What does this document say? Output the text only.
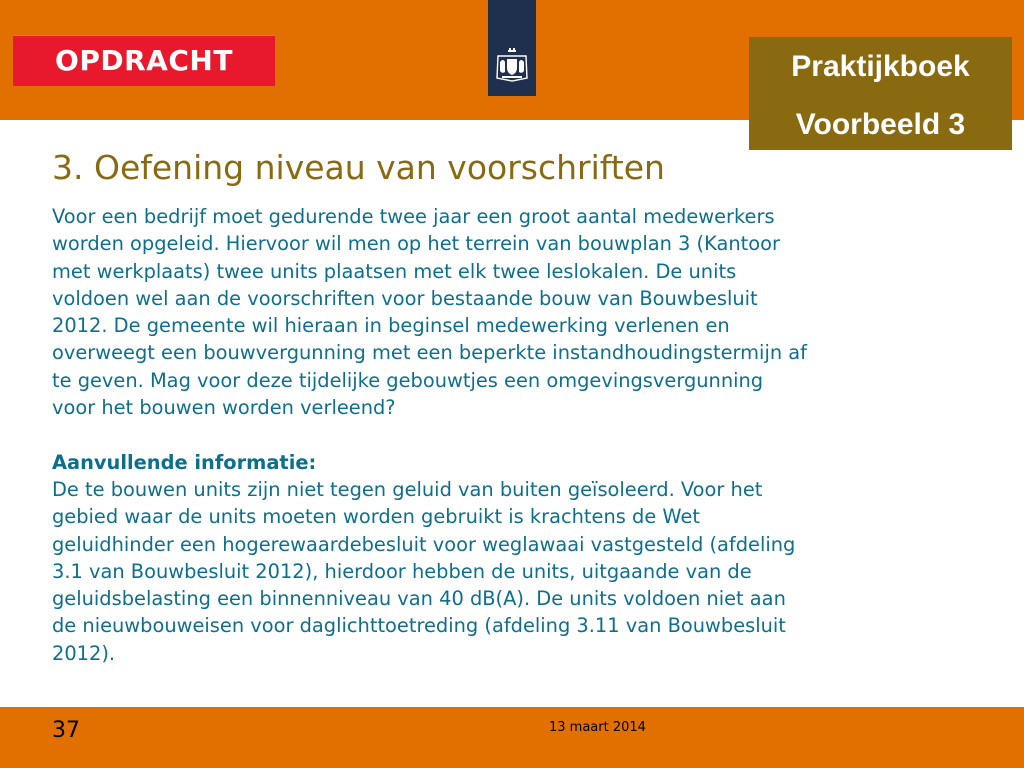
OPDRACHT	Praktijkboek
Voorbeeld 3
3. Oefening niveau van voorschriften

Voor een bedrijf moet gedurende twee jaar een groot aantal medewerkers

worden opgeleid. Hiervoor wil men op het terrein van bouwplan 3 (Kantoor

met werkplaats) twee units plaatsen met elk twee leslokalen. De units

voldoen wel aan de voorschriften voor bestaande bouw van Bouwbesluit

2012. De gemeente wil hieraan in beginsel medewerking verlenen en

overweegt een bouwvergunning met een beperkte instandhoudingstermijn af

te geven. Mag voor deze tijdelijke gebouwtjes een omgevingsvergunning

voor het bouwen worden verleend?

Aanvullende informatie:

De te bouwen units zijn niet tegen geluid van buiten geïsoleerd. Voor het

gebied waar de units moeten worden gebruikt is krachtens de Wet

geluidhinder een hogerewaardebesluit voor weglawaai vastgesteld (afdeling

3.1 van Bouwbesluit 2012), hierdoor hebben de units, uitgaande van de

geluidsbelasting een binnenniveau van 40 dB(A). De units voldoen niet aan

de nieuwbouweisen voor daglichttoetreding (afdeling 3.11 van Bouwbesluit

2012).

37	13 maart 2014
